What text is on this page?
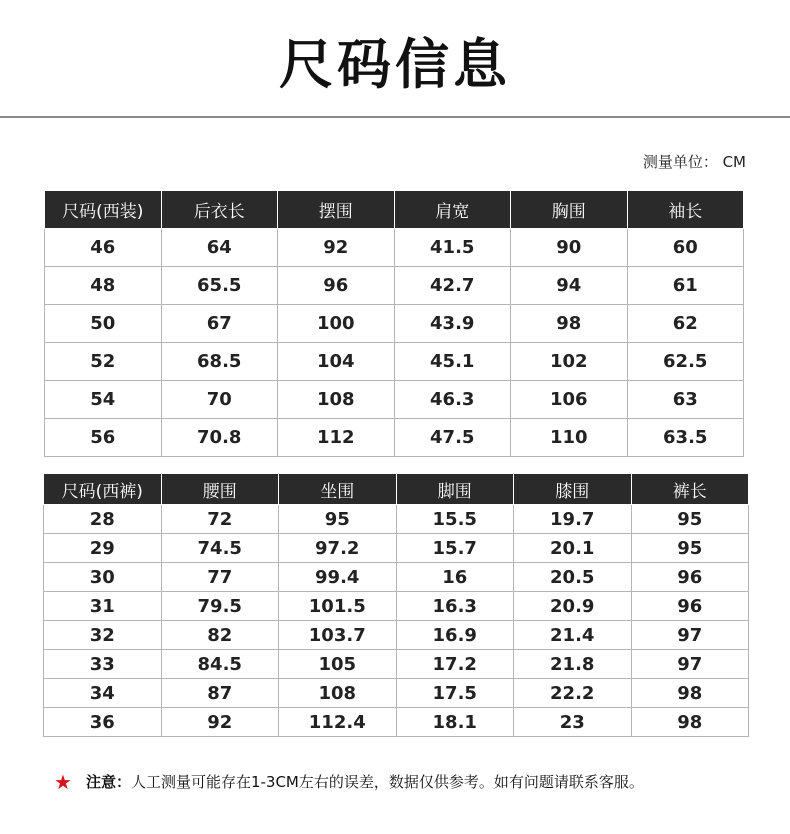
尺码信息
测量单位： CM
尺码(西装)	后衣长	摆围	肩宽	胸围	袖长
46	64	92	41.5	90	60
48	65.5	96	42.7	94	61
50	67	100	43.9	98	62
52	68.5	104	45.1	102	62.5
54	70	108	46.3	106	63
56	70.8	112	47.5	110	63.5
尺码(西裤)	腰围	坐围	脚围	膝围	裤长
28	72	95	15.5	19.7	95
29	74.5	97.2	15.7	20.1	95
30	77	99.4	16	20.5	96
31	79.5	101.5	16.3	20.9	96
32	82	103.7	16.9	21.4	97
33	84.5	105	17.2	21.8	97
34	87	108	17.5	22.2	98
36	92	112.4	18.1	23	98
★ 注意：人工测量可能存在1-3CM左右的误差，数据仅供参考。如有问题请联系客服。
